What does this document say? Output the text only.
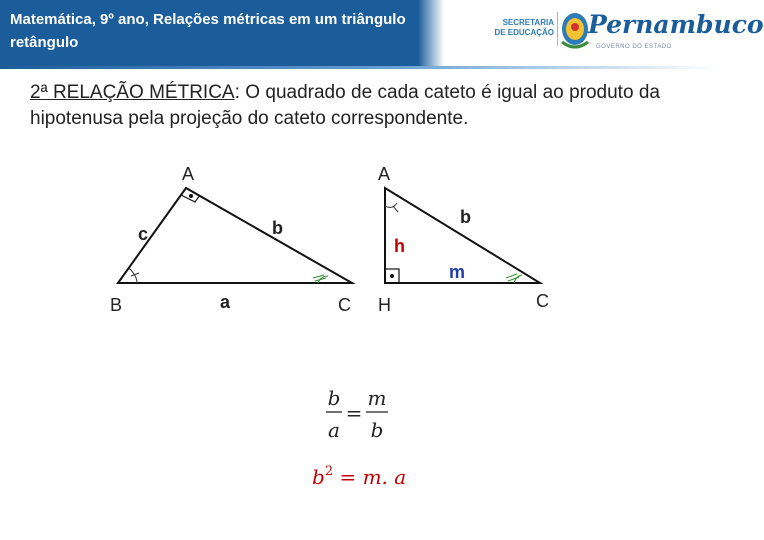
Matemática, 9º ano, Relações métricas em um triângulo retângulo
SECRETARIA DE EDUCAÇÃO Pernambuco
GOVERNO DO ESTADO
2ª RELAÇÃO MÉTRICA: O quadrado de cada cateto é igual ao produto da hipotenusa pela projeção do cateto correspondente.
A
B	C
a
b
c
A
H	C
b
h
m
b
a
=
m
b
$b^2 = m$. a
